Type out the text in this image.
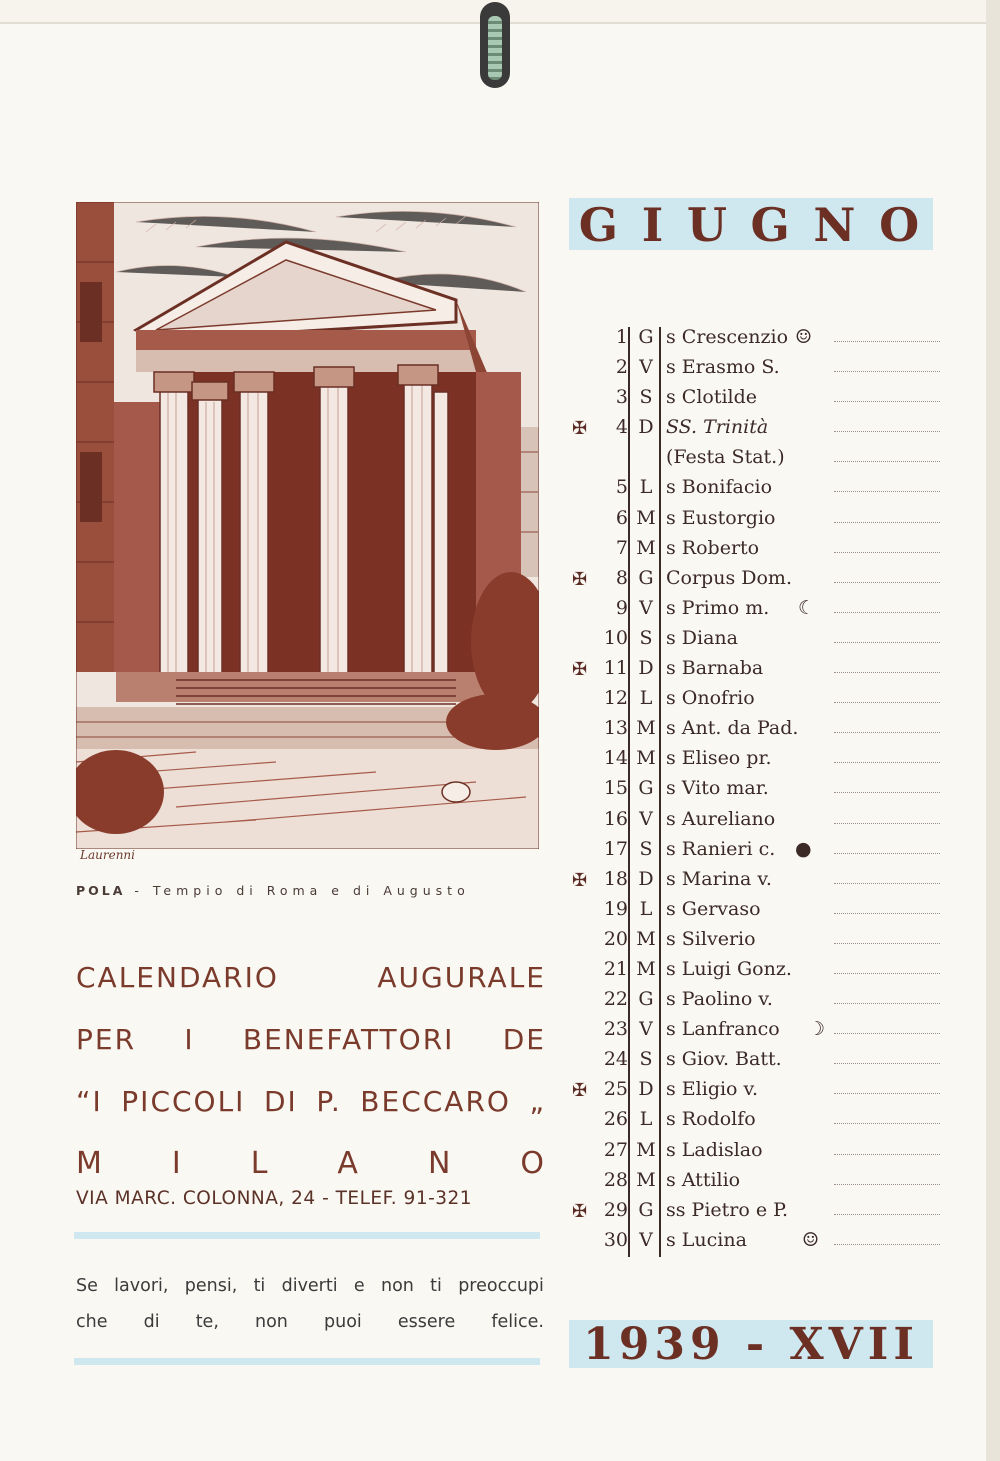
Laurenni
POLA - Tempio di Roma e di Augusto
CALENDARIO	AUGURALE
PER I BENEFATTORI DE
“I PICCOLI DI P. BECCARO „
M I L A N O
VIA MARC. COLONNA, 24 - TELEF. 91-321
Se lavori, pensi, ti diverti e non ti preoccupi
che di te, non puoi essere felice.
G I U G N O
1 G s Crescenzio ☺
2 V s Erasmo S.
3 S s Clotilde
✠	4 D SS. Trinità
(Festa Stat.)
5 L s Bonifacio
6 M s Eustorgio
7 M s Roberto
✠	8 G Corpus Dom.
9 V s Primo m. ☾
10 S s Diana
✠ 11 D s Barnaba
12 L s Onofrio
13 M s Ant. da Pad.
14 M s Eliseo pr.
15 G s Vito mar.
16 V s Aureliano
17 S s Ranieri c. ●
✠ 18 D s Marina v.
19 L s Gervaso
20 M s Silverio
21 M s Luigi Gonz.
22 G s Paolino v.
23 V s Lanfranco ☽
24 S s Giov. Batt.
✠ 25 D s Eligio v.
26 L s Rodolfo
27 M s Ladislao
28 M s Attilio
✠ 29 G ss Pietro e P.
30 V s Lucina	☺
1939 - XVII
